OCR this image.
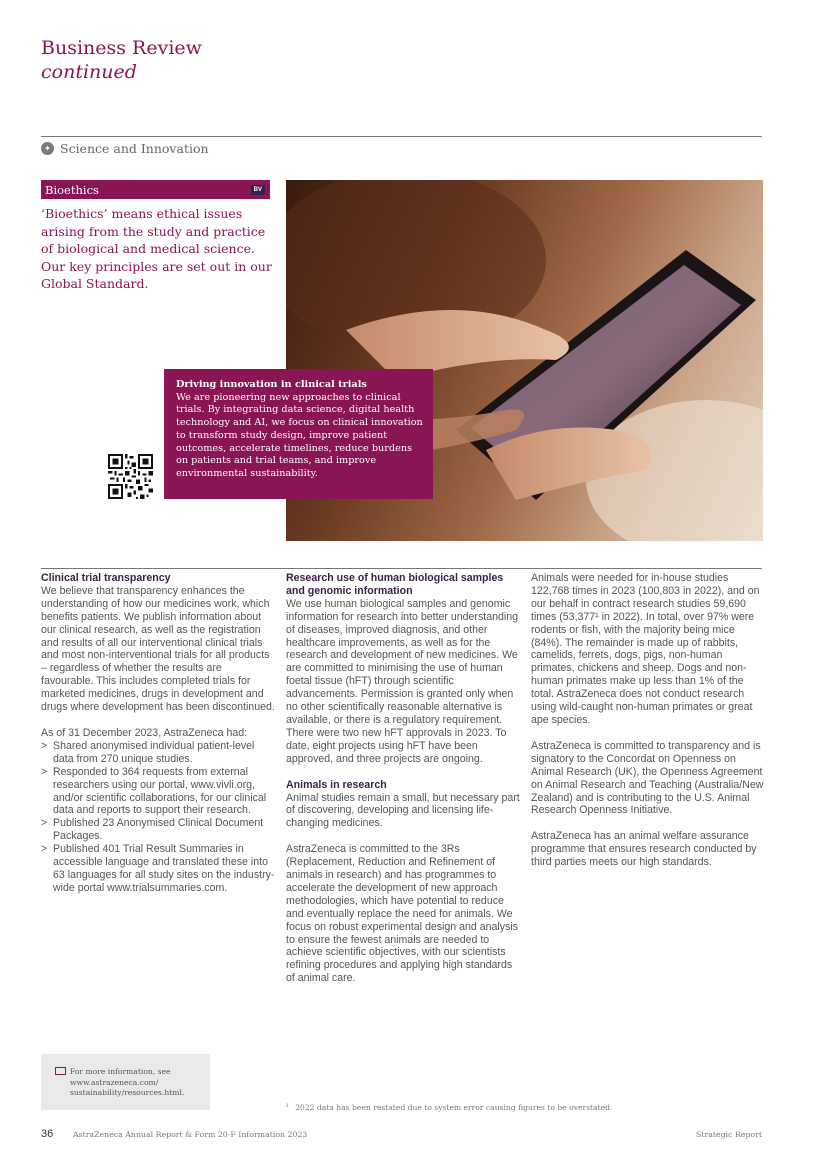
Business Review
continued
✦ Science and Innovation
Bioethics	BV
‘Bioethics’ means ethical issues arising from the study and practice of biological and medical science. Our key principles are set out in our Global Standard.
Driving innovation in clinical trials
We are pioneering new approaches to clinical trials. By integrating data science, digital health technology and AI, we focus on clinical innovation to transform study design, improve patient outcomes, accelerate timelines, reduce burdens on patients and trial teams, and improve environmental sustainability.
Clinical trial transparency

We believe that transparency enhances the understanding of how our medicines work, which benefits patients. We publish information about our clinical research, as well as the registration and results of all our interventional clinical trials and most non-interventional trials for all products – regardless of whether the results are favourable. This includes completed trials for marketed medicines, drugs in development and drugs where development has been discontinued.

As of 31 December 2023, AstraZeneca had:

> Shared anonymised individual patient-level data from 270 unique studies.
> Responded to 364 requests from external researchers using our portal, www.vivli.org, and/or scientific collaborations, for our clinical data and reports to support their research.
> Published 23 Anonymised Clinical Document Packages.
> Published 401 Trial Result Summaries in accessible language and translated these into 63 languages for all study sites on the industry-wide portal www.trialsummaries.com.
Research use of human biological samples and genomic information

We use human biological samples and genomic information for research into better understanding of diseases, improved diagnosis, and other healthcare improvements, as well as for the research and development of new medicines. We are committed to minimising the use of human foetal tissue (hFT) through scientific advancements. Permission is granted only when no other scientifically reasonable alternative is available, or there is a regulatory requirement. There were two new hFT approvals in 2023. To date, eight projects using hFT have been approved, and three projects are ongoing.

Animals in research

Animal studies remain a small, but necessary part of discovering, developing and licensing life-changing medicines.

AstraZeneca is committed to the 3Rs (Replacement, Reduction and Refinement of animals in research) and has programmes to accelerate the development of new approach methodologies, which have potential to reduce and eventually replace the need for animals. We focus on robust experimental design and analysis to ensure the fewest animals are needed to achieve scientific objectives, with our scientists refining procedures and applying high standards of animal care.

Animals were needed for in-house studies 122,768 times in 2023 (100,803 in 2022), and on our behalf in contract research studies 59,690 times (53,377¹ in 2022). In total, over 97% were rodents or fish, with the majority being mice (84%). The remainder is made up of rabbits, camelids, ferrets, dogs, pigs, non-human primates, chickens and sheep. Dogs and non-human primates make up less than 1% of the total. AstraZeneca does not conduct research using wild-caught non-human primates or great ape species.

AstraZeneca is committed to transparency and is signatory to the Concordat on Openness on Animal Research (UK), the Openness Agreement on Animal Research and Teaching (Australia/New Zealand) and is contributing to the U.S. Animal Research Openness Initiative.

AstraZeneca has an animal welfare assurance programme that ensures research conducted by third parties meets our high standards.

For more information, see www.astrazeneca.com/ sustainability/resources.html.
$^1$ 2022 data has been restated due to system error causing figures to be overstated.
36	AstraZeneca Annual Report & Form 20-F Information 2023	Strategic Report
